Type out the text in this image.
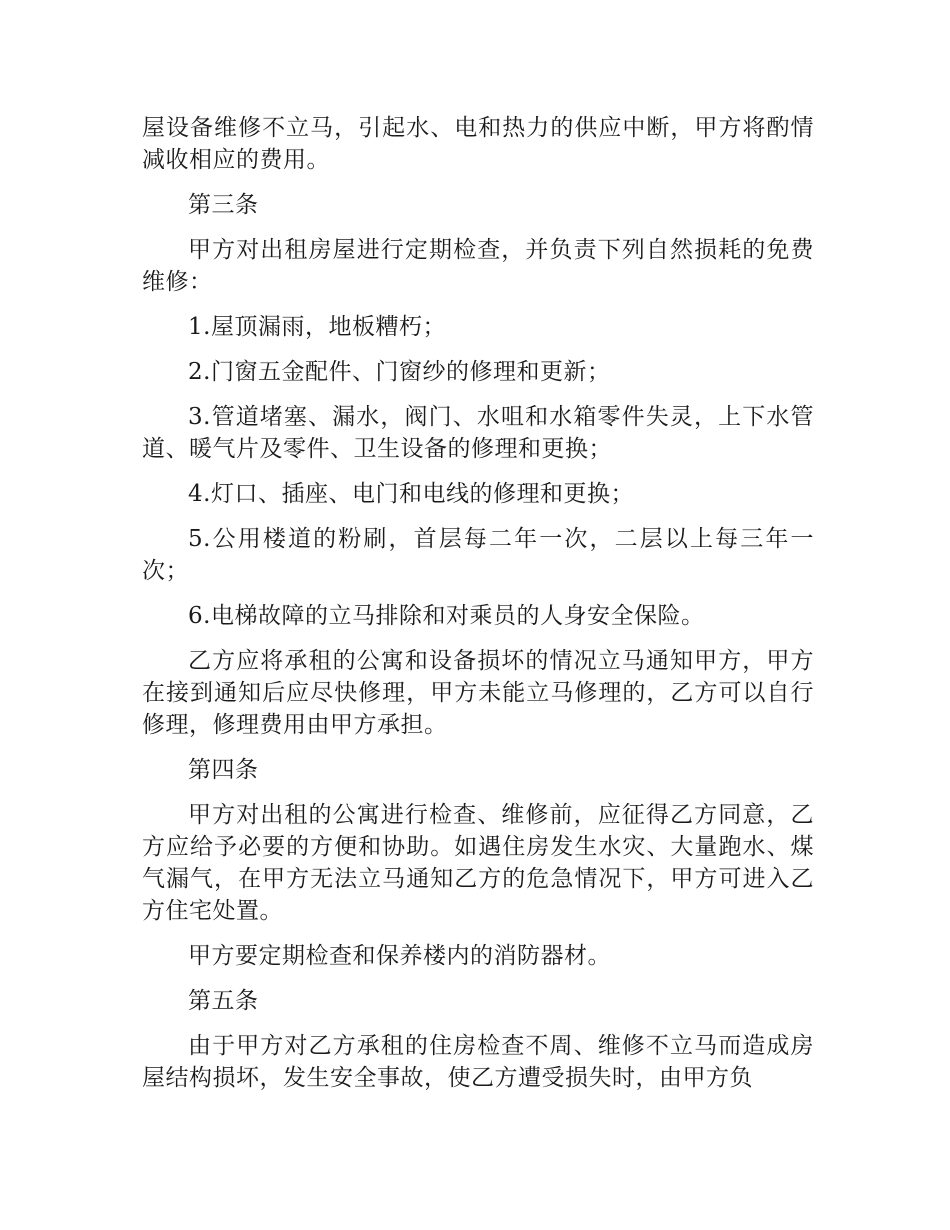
屋设备维修不立马，引起水、电和热力的供应中断，甲方将酌情减收相应的费用。

第三条

甲方对出租房屋进行定期检查，并负责下列自然损耗的免费维修：

1.屋顶漏雨，地板糟朽；

2.门窗五金配件、门窗纱的修理和更新；

3.管道堵塞、漏水，阀门、水咀和水箱零件失灵，上下水管道、暖气片及零件、卫生设备的修理和更换；

4.灯口、插座、电门和电线的修理和更换；

5.公用楼道的粉刷，首层每二年一次，二层以上每三年一次；

6.电梯故障的立马排除和对乘员的人身安全保险。

乙方应将承租的公寓和设备损坏的情况立马通知甲方，甲方在接到通知后应尽快修理，甲方未能立马修理的，乙方可以自行修理，修理费用由甲方承担。

第四条

甲方对出租的公寓进行检查、维修前，应征得乙方同意，乙方应给予必要的方便和协助。如遇住房发生水灾、大量跑水、煤气漏气，在甲方无法立马通知乙方的危急情况下，甲方可进入乙方住宅处置。

甲方要定期检查和保养楼内的消防器材。

第五条

由于甲方对乙方承租的住房检查不周、维修不立马而造成房屋结构损坏，发生安全事故，使乙方遭受损失时，由甲方负
